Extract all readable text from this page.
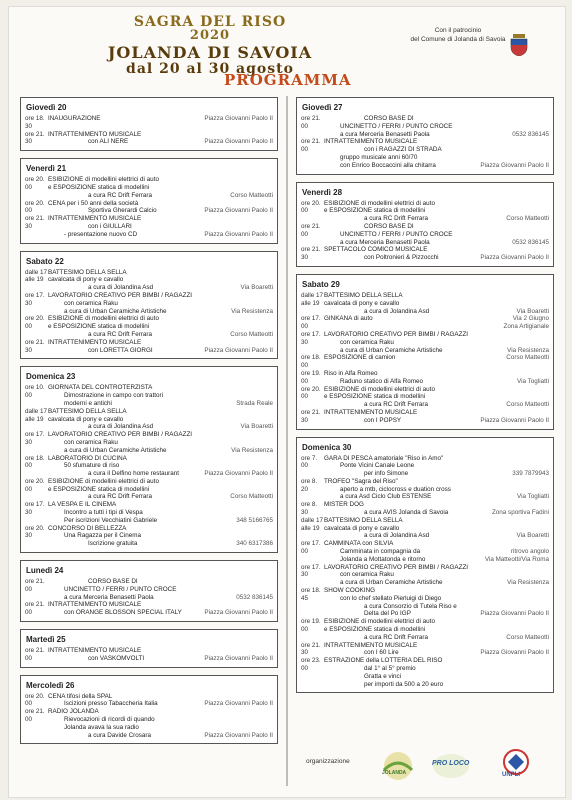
SAGRA DEL RISO
2020
JOLANDA DI SAVOIA
dal 20 al 30 agosto
PROGRAMMA
Con il patrocinio
del Comune di Jolanda di Savoia
Giovedì 20
ore 18. 30
INAUGURAZIONE	Piazza Giovanni Paolo II
ore 21. 30
INTRATTENIMENTO MUSICALE
con ALI NERE	Piazza Giovanni Paolo II
Venerdì 21
ore 20. 00
ESIBIZIONE di modellini elettrici di auto
e ESPOSIZIONE statica di modellini
a cura RC Drift Ferrara	Corso Matteotti
ore 20. 00
CENA per i 50 anni della società
Sportiva Gherardi Calcio	Piazza Giovanni Paolo II
ore 21. 30
INTRATTENIMENTO MUSICALE
con i GIULLARI
- presentazione nuovo CD	Piazza Giovanni Paolo II
Sabato 22
dalle 17 BATTESIMO DELLA SELLA
alle 19 cavalcata di pony e cavallo
a cura di Jolandina Asd	Via Boaretti
ore 17. 30
LAVORATORIO CREATIVO PER BIMBI / RAGAZZI
con ceramica Raku
a cura di Urban Ceramiche Artistiche	Via Resistenza
ore 20. 00
ESIBIZIONE di modellini elettrici di auto
e ESPOSIZIONE statica di modellini
a cura RC Drift Ferrara	Corso Matteotti
ore 21. 30
INTRATTENIMENTO MUSICALE
con LORETTA GIORGI	Piazza Giovanni Paolo II
Domenica 23
ore 10. 00
GIORNATA DEL CONTROTERZISTA
Dimostrazione in campo con trattori
moderni e antichi	Strada Reale
dalle 17 BATTESIMO DELLA SELLA
alle 19 cavalcata di pony e cavallo
a cura di Jolandina Asd	Via Boaretti
ore 17. 30
LAVORATORIO CREATIVO PER BIMBI / RAGAZZI
con ceramica Raku
a cura di Urban Ceramiche Artistiche	Via Resistenza
ore 18. 00
LABORATORIO DI CUCINA
50 sfumature di riso
a cura il Delfino home restaurant	Piazza Giovanni Paolo II
ore 20. 00
ESIBIZIONE di modellini elettrici di auto
e ESPOSIZIONE statica di modellini
a cura RC Drift Ferrara	Corso Matteotti
ore 17. 30
LA VESPA E IL CINEMA
Incontro a tutti i tipi di Vespa
Per iscrizioni Vecchiatini Gabriele	348 5166765
ore 20. 30
CONCORSO DI BELLEZZA
Una Ragazza per il Cinema
Iscrizione gratuita	340 6317386
Lunedì 24
ore 21. 00
CORSO BASE DI
UNCINETTO / FERRI / PUNTO CROCE
a cura Merceria Benasetti Paola	0532 836145
ore 21. 00
INTRATTENIMENTO MUSICALE
con ORANGE BLOSSON SPECIAL ITALY	Piazza Giovanni Paolo II
Martedì 25
ore 21. 00
INTRATTENIMENTO MUSICALE
con VASKOMVOLTI	Piazza Giovanni Paolo II
Mercoledì 26
ore 20. 00
CENA tifosi della SPAL
Iscizioni presso Tabaccheria Italia	Piazza Giovanni Paolo II
ore 21. 00
RADIO JOLANDA
Rievocazioni di ricordi di quando
Jolanda avava la sua radio
a cura Davide Crosara	Piazza Giovanni Paolo II
Giovedì 27
ore 21. 00
CORSO BASE DI
UNCINETTO / FERRI / PUNTO CROCE
a cura Merceria Benasetti Paola	0532 836145
ore 21. 00
INTRATTENIMENTO MUSICALE
con i RAGAZZI DI STRADA
gruppo musicale anni 60/70
con Enrico Boccaccini alla chitarra	Piazza Giovanni Paolo II
Venerdì 28
ore 20. 00
ESIBIZIONE di modellini elettrici di auto
e ESPOSIZIONE statica di modellini
a cura RC Drift Ferrara	Corso Matteotti
ore 21. 00
CORSO BASE DI
UNCINETTO / FERRI / PUNTO CROCE
a cura Merceria Benasetti Paola	0532 836145
ore 21. 30
SPETTACOLO COMICO MUSICALE
con Poltronieri & Pizzocchi	Piazza Giovanni Paolo II
Sabato 29
dalle 17 BATTESIMO DELLA SELLA
alle 19 cavalcata di pony e cavallo
a cura di Jolandina Asd	Via Boaretti
ore 17. 00
GINKANA di auto	Via 2 Giugno
Zona Artigianale
ore 17. 30
LAVORATORIO CREATIVO PER BIMBI / RAGAZZI
con ceramica Raku
a cura di Urban Ceramiche Artistiche	Via Resistenza
ore 18. 00
ESPOSIZIONE di camion	Corso Matteotti
ore 19. 00
Riso in Alfa Romeo
Raduno statico di Alfa Romeo	Via Togliatti
ore 20. 00
ESIBIZIONE di modellini elettrici di auto
e ESPOSIZIONE statica di modellini
a cura RC Drift Ferrara	Corso Matteotti
ore 21. 30
INTRATTENIMENTO MUSICALE
con I POPSY	Piazza Giovanni Paolo II
Domenica 30
ore 7. 00
GARA DI PESCA amatoriale "Riso in Amo"
Ponte Vicini Canale Leone
per info Simone	339 7879943
ore 8. 20
TROFEO "Sagra del Riso"
aperto a mtb, ciclocross e duation cross
a cura Asd Ciclo Club ESTENSE	Via Togliatti
ore 8. 30
MISTER DOG
a cura AVIS Jolanda di Savoia	Zona sportiva Fadini
dalle 17 BATTESIMO DELLA SELLA
alle 19 cavalcata di pony e cavallo
a cura di Jolandina Asd	Via Boaretti
ore 17. 00
CAMMINATA con SILVIA
Camminata in compagnia da	ritrovo angolo
Jolanda a Mottatonda e ritorno	Via Matteotti/Via Roma
ore 17. 30
LAVORATORIO CREATIVO PER BIMBI / RAGAZZI
con ceramica Raku
a cura di Urban Ceramiche Artistiche	Via Resistenza
ore 18. 45
SHOW COOKING
con lo chef stellato Pierluigi di Diego
a cura Consorzio di Tutela Riso e
Delta del Po IGP	Piazza Giovanni Paolo II
ore 19. 00
ESIBIZIONE di modellini elettrici di auto
e ESPOSIZIONE statica di modellini
a cura RC Drift Ferrara	Corso Matteotti
ore 21. 30
INTRATTENIMENTO MUSICALE
con I 60 Lire	Piazza Giovanni Paolo II
ore 23. 00
ESTRAZIONE della LOTTERIA DEL RISO
dal 1° al 5° premio
Gratta e vinci
per importi da 500 a 20 euro
organizzazione
JOLANDA
PRO LOCO
UNPLI
